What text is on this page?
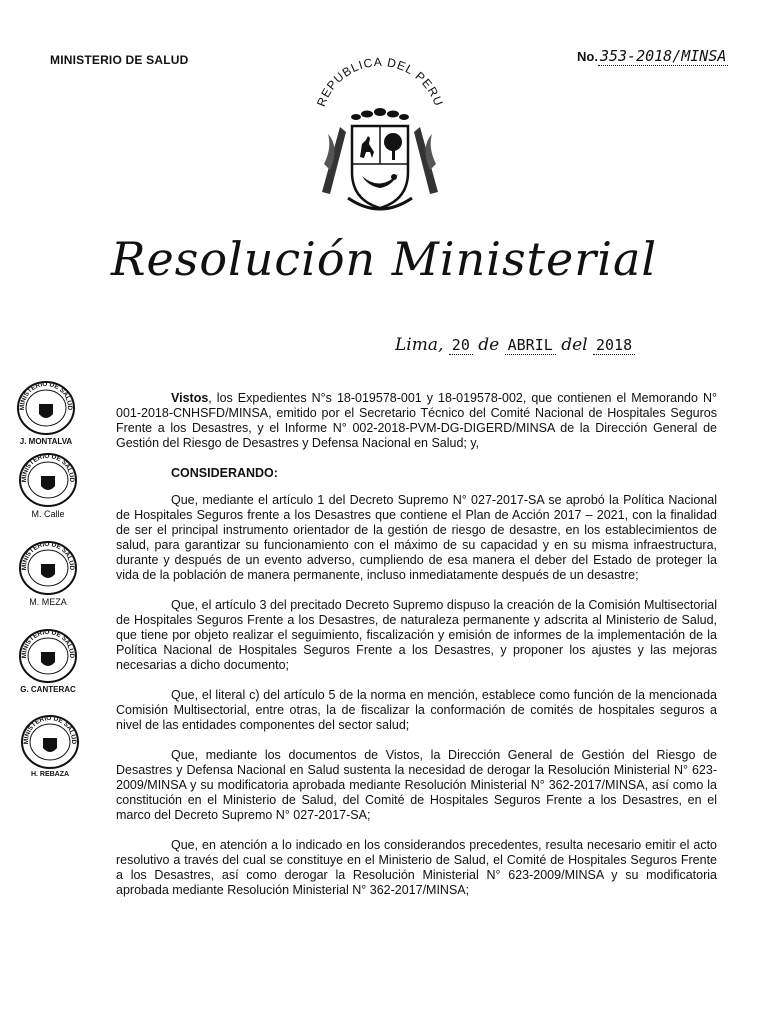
MINISTERIO DE SALUD	No. 353-2018/MINSA
REPUBLICA DEL PERU
Resolución Ministerial
Lima, 20 de ABRIL del 2018
MINISTERIO DE SALUD
J. MONTALVA
MINISTERIO DE SALUD
M. Calle
MINISTERIO DE SALUD
M. MEZA
MINISTERIO DE SALUD
G. CANTERAC
MINISTERIO DE SALUD
H. REBAZA

Vistos, los Expedientes N°s 18-019578-001 y 18-019578-002, que contienen el Memorando N° 001-2018-CNHSFD/MINSA, emitido por el Secretario Técnico del Comité Nacional de Hospitales Seguros Frente a los Desastres, y el Informe N° 002-2018-PVM-DG-DIGERD/MINSA de la Dirección General de Gestión del Riesgo de Desastres y Defensa Nacional en Salud; y,

CONSIDERANDO:

Que, mediante el artículo 1 del Decreto Supremo N° 027-2017-SA se aprobó la Política Nacional de Hospitales Seguros frente a los Desastres que contiene el Plan de Acción 2017 – 2021, con la finalidad de ser el principal instrumento orientador de la gestión de riesgo de desastre, en los establecimientos de salud, para garantizar su funcionamiento con el máximo de su capacidad y en su misma infraestructura, durante y después de un evento adverso, cumpliendo de esa manera el deber del Estado de proteger la vida de la población de manera permanente, incluso inmediatamente después de un desastre;

Que, el artículo 3 del precitado Decreto Supremo dispuso la creación de la Comisión Multisectorial de Hospitales Seguros Frente a los Desastres, de naturaleza permanente y adscrita al Ministerio de Salud, que tiene por objeto realizar el seguimiento, fiscalización y emisión de informes de la implementación de la Política Nacional de Hospitales Seguros Frente a los Desastres, y proponer los ajustes y las mejoras necesarias a dicho documento;

Que, el literal c) del artículo 5 de la norma en mención, establece como función de la mencionada Comisión Multisectorial, entre otras, la de fiscalizar la conformación de comités de hospitales seguros a nivel de las entidades componentes del sector salud;

Que, mediante los documentos de Vistos, la Dirección General de Gestión del Riesgo de Desastres y Defensa Nacional en Salud sustenta la necesidad de derogar la Resolución Ministerial N° 623-2009/MINSA y su modificatoria aprobada mediante Resolución Ministerial N° 362-2017/MINSA, así como la constitución en el Ministerio de Salud, del Comité de Hospitales Seguros Frente a los Desastres, en el marco del Decreto Supremo N° 027-2017-SA;

Que, en atención a lo indicado en los considerandos precedentes, resulta necesario emitir el acto resolutivo a través del cual se constituye en el Ministerio de Salud, el Comité de Hospitales Seguros Frente a los Desastres, así como derogar la Resolución Ministerial N° 623-2009/MINSA y su modificatoria aprobada mediante Resolución Ministerial N° 362-2017/MINSA;
